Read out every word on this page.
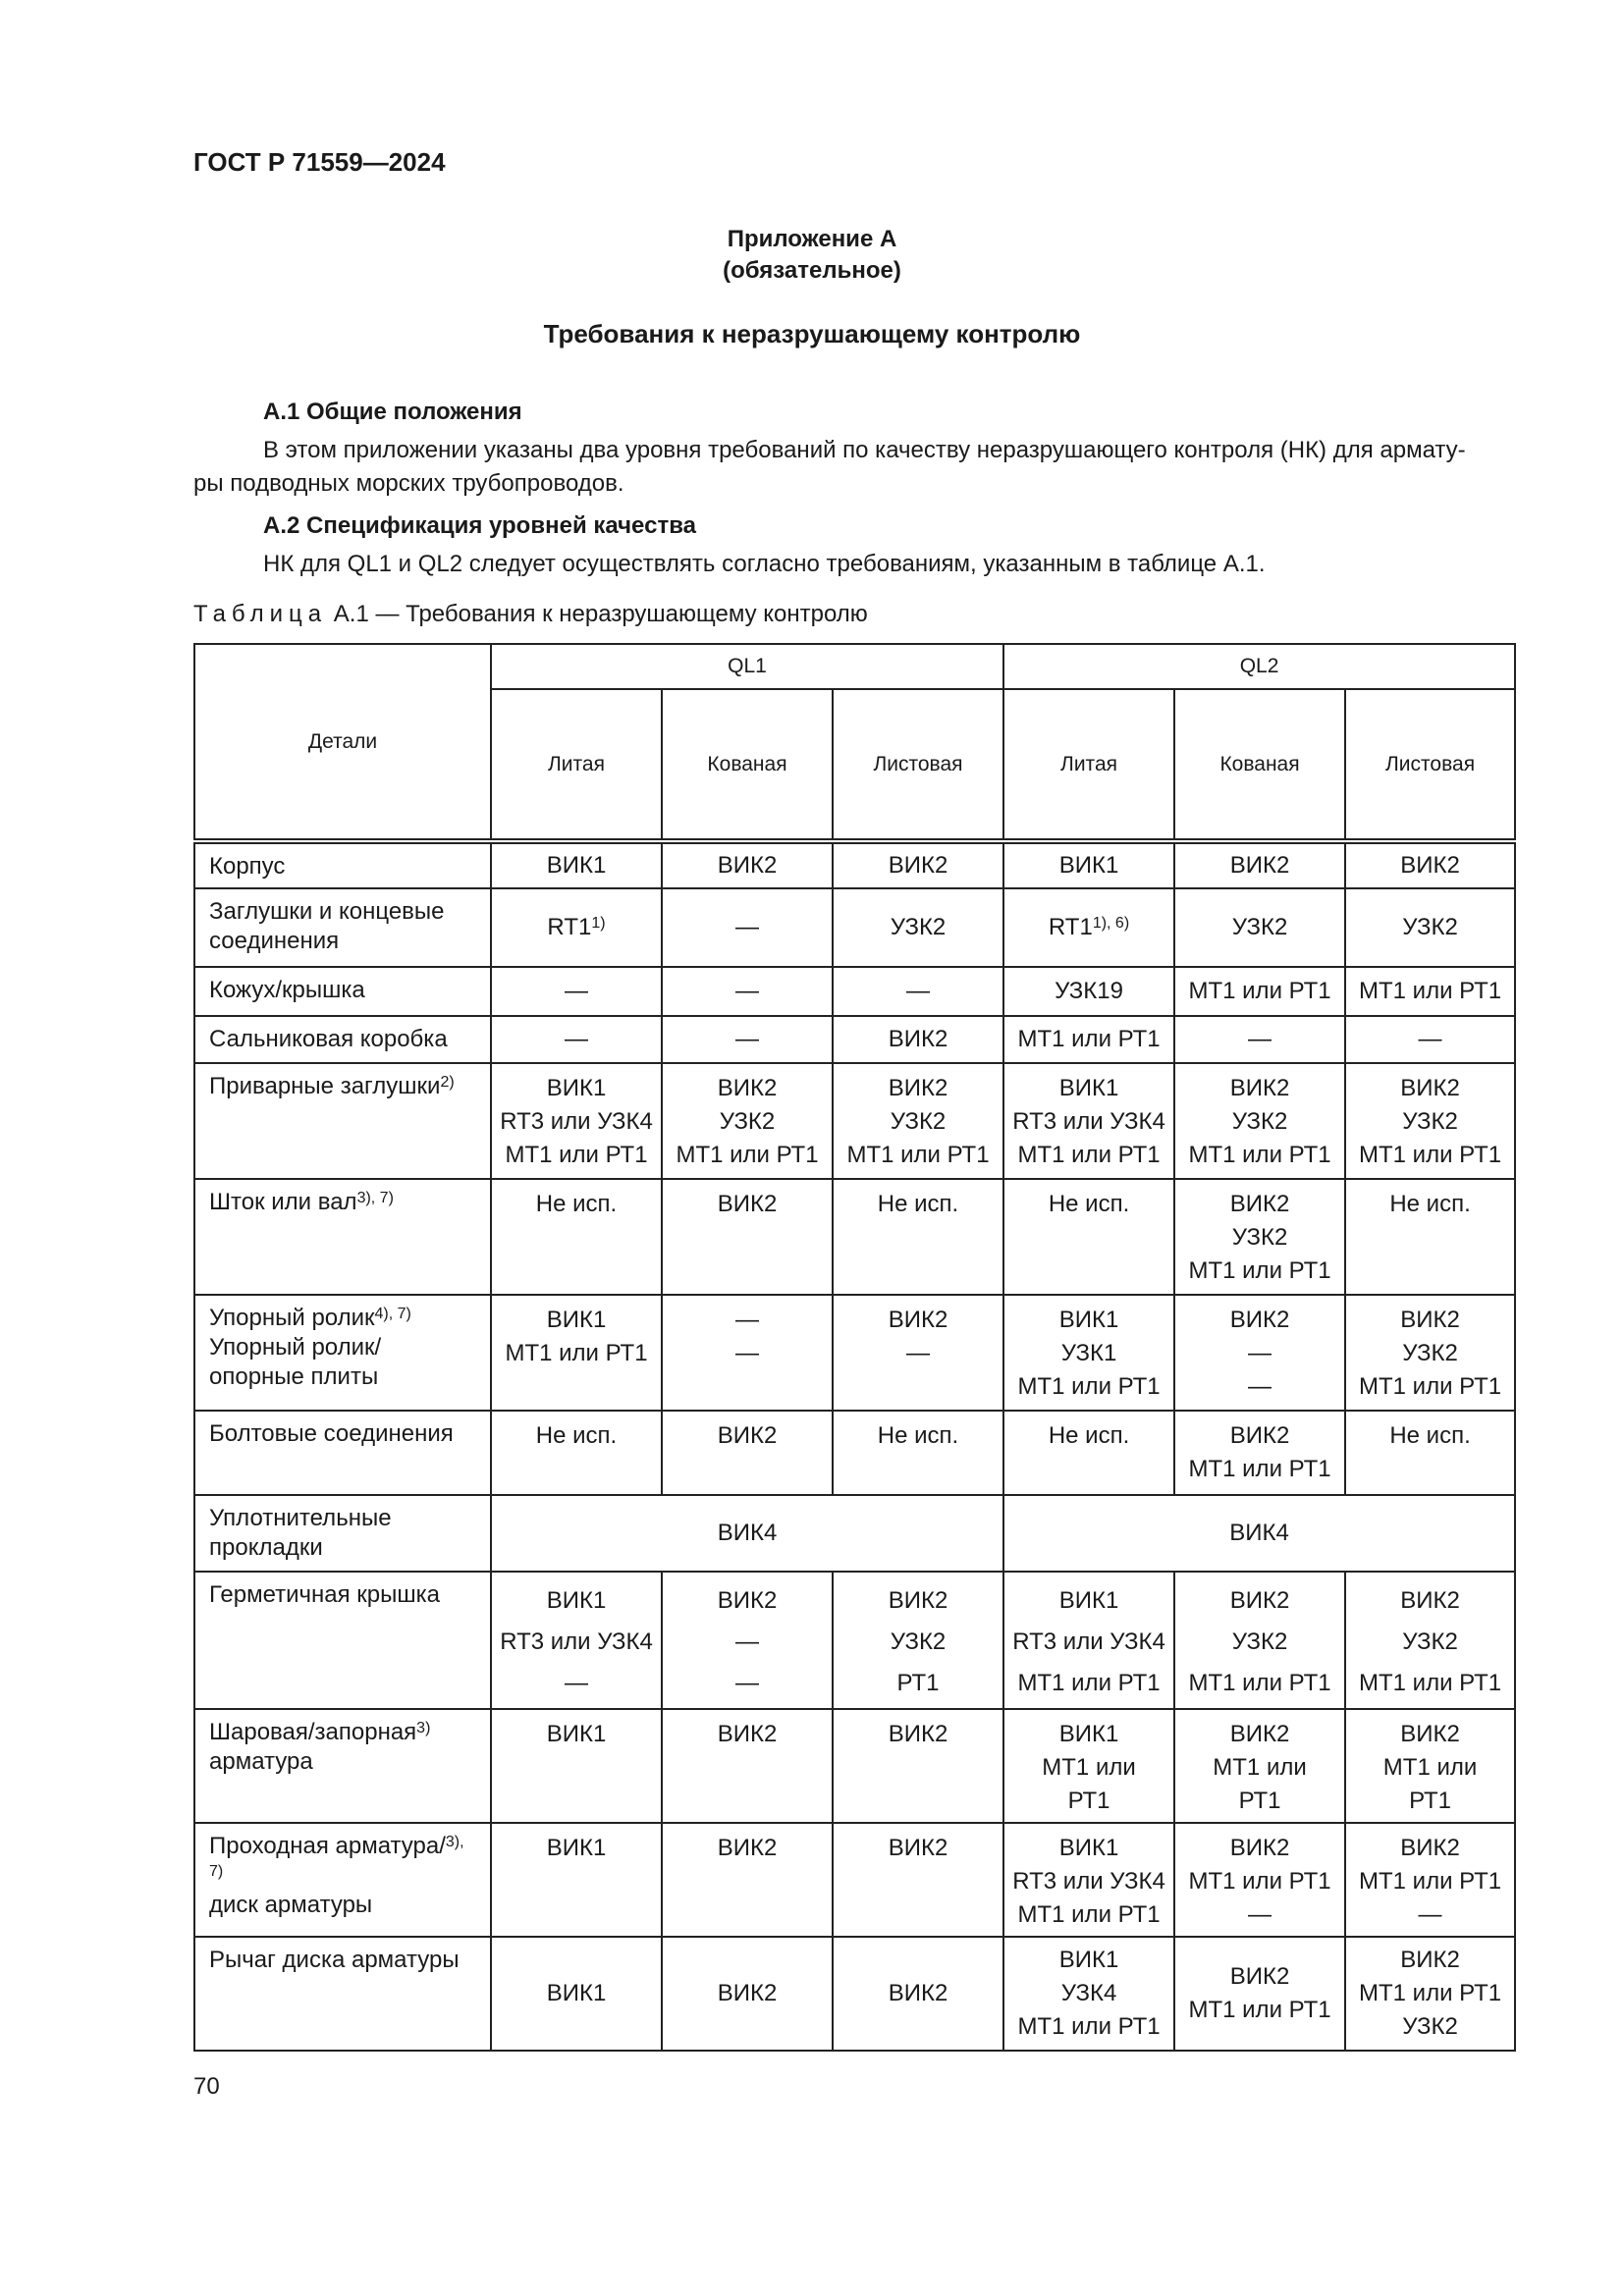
ГОСТ Р 71559—2024
Приложение А
(обязательное)
Требования к неразрушающему контролю
А.1 Общие положения
В этом приложении указаны два уровня требований по качеству неразрушающего контроля (НК) для армату-
ры подводных морских трубопроводов.
А.2 Спецификация уровней качества
НК для QL1 и QL2 следует осуществлять согласно требованиям, указанным в таблице А.1.
Таблица А.1 — Требования к неразрушающему контролю
Детали	QL1			QL2		
	Литая	Кованая	Листовая	Литая	Кованая	Листовая

Корпус	ВИК1	ВИК2	ВИК2	ВИК1	ВИК2	ВИК2

Заглушки и концевые
соединения	RT1$^{1)}$	—	УЗК2	$RT1^{1), 6)}$	УЗК2	УЗК2

Кожух/крышка	—	—	—	УЗК19	МТ1 или РТ1	МТ1 или РТ1

Сальниковая коробка	—	—	ВИК2	МТ1 или РТ1	—	—

Приварные заглушки$^{2)}$	ВИК1
RT3 или УЗК4
МТ1 или РТ1	ВИК2
УЗК2
МТ1 или РТ1	ВИК2
УЗК2
МТ1 или РТ1	ВИК1
RT3 или УЗК4
МТ1 или РТ1	ВИК2
УЗК2
МТ1 или РТ1	ВИК2
УЗК2
МТ1 или РТ1

Шток или вал$^{3), 7)}$	Не исп.	ВИК2	Не исп.	Не исп.	ВИК2
УЗК2
МТ1 или РТ1	Не исп.

Упорный ролик$^{4), 7)}$

Упорный ролик/
опорные плиты	ВИК1
МТ1 или РТ1	—
—	ВИК2
—	ВИК1
УЗК1
МТ1 или РТ1	ВИК2
—
—	ВИК2
УЗК2
МТ1 или РТ1

Болтовые соединения	Не исп.	ВИК2	Не исп.	Не исп.	ВИК2
МТ1 или РТ1	Не исп.

Уплотнительные
прокладки	ВИК4			ВИК4		

Герметичная крышка	ВИК1
RT3 или УЗК4
—	ВИК2
—
—	ВИК2
УЗК2
РТ1	ВИК1
RT3 или УЗК4
МТ1 или РТ1	ВИК2
УЗК2
МТ1 или РТ1	ВИК2
УЗК2
МТ1 или РТ1

Шаровая/запорная$^{3)}$

арматура	ВИК1	ВИК2	ВИК2	ВИК1
МТ1 или
РТ1	ВИК2
МТ1 или
РТ1	ВИК2
МТ1 или
РТ1

Проходная арматура/$^{3), 7)}$

диск арматуры	ВИК1	ВИК2	ВИК2	ВИК1
RT3 или УЗК4
МТ1 или РТ1	ВИК2
МТ1 или РТ1
—	ВИК2
МТ1 или РТ1
—

Рычаг диска арматуры	ВИК1	ВИК2	ВИК2	ВИК1
УЗК4
МТ1 или РТ1	ВИК2
МТ1 или РТ1	ВИК2
МТ1 или РТ1
УЗК2
70
